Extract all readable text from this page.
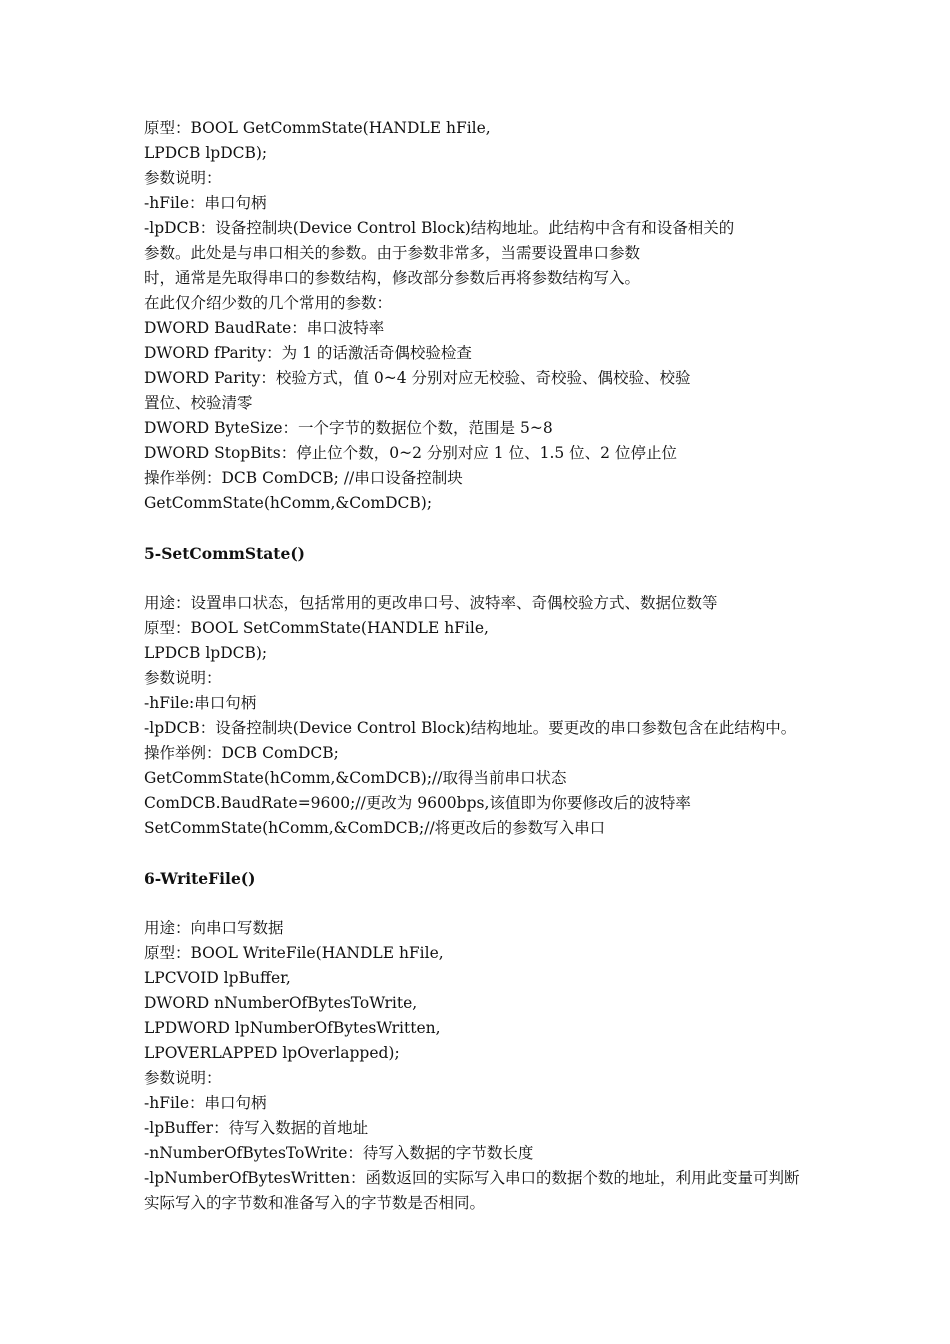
原型：BOOL GetCommState(HANDLE hFile,
LPDCB lpDCB);
参数说明：
-hFile：串口句柄
-lpDCB：设备控制块(Device Control Block)结构地址。此结构中含有和设备相关的
参数。此处是与串口相关的参数。由于参数非常多，当需要设置串口参数
时，通常是先取得串口的参数结构，修改部分参数后再将参数结构写入。
在此仅介绍少数的几个常用的参数：
DWORD BaudRate：串口波特率
DWORD fParity：为 1 的话激活奇偶校验检查
DWORD Parity：校验方式，值 0~4 分别对应无校验、奇校验、偶校验、校验
置位、校验清零
DWORD ByteSize：一个字节的数据位个数，范围是 5~8
DWORD StopBits：停止位个数，0~2 分别对应 1 位、1.5 位、2 位停止位
操作举例：DCB ComDCB; //串口设备控制块
GetCommState(hComm,&ComDCB);
5-SetCommState()
用途：设置串口状态，包括常用的更改串口号、波特率、奇偶校验方式、数据位数等
原型：BOOL SetCommState(HANDLE hFile,
LPDCB lpDCB);
参数说明：
-hFile:串口句柄
-lpDCB：设备控制块(Device Control Block)结构地址。要更改的串口参数包含在此结构中。
操作举例：DCB ComDCB;
GetCommState(hComm,&ComDCB);//取得当前串口状态
ComDCB.BaudRate=9600;//更改为 9600bps,该值即为你要修改后的波特率
SetCommState(hComm,&ComDCB;//将更改后的参数写入串口
6-WriteFile()
用途：向串口写数据
原型：BOOL WriteFile(HANDLE hFile,
LPCVOID lpBuffer,
DWORD nNumberOfBytesToWrite,
LPDWORD lpNumberOfBytesWritten,
LPOVERLAPPED lpOverlapped);
参数说明：
-hFile：串口句柄
-lpBuffer：待写入数据的首地址
-nNumberOfBytesToWrite：待写入数据的字节数长度
-lpNumberOfBytesWritten：函数返回的实际写入串口的数据个数的地址，利用此变量可判断
实际写入的字节数和准备写入的字节数是否相同。
